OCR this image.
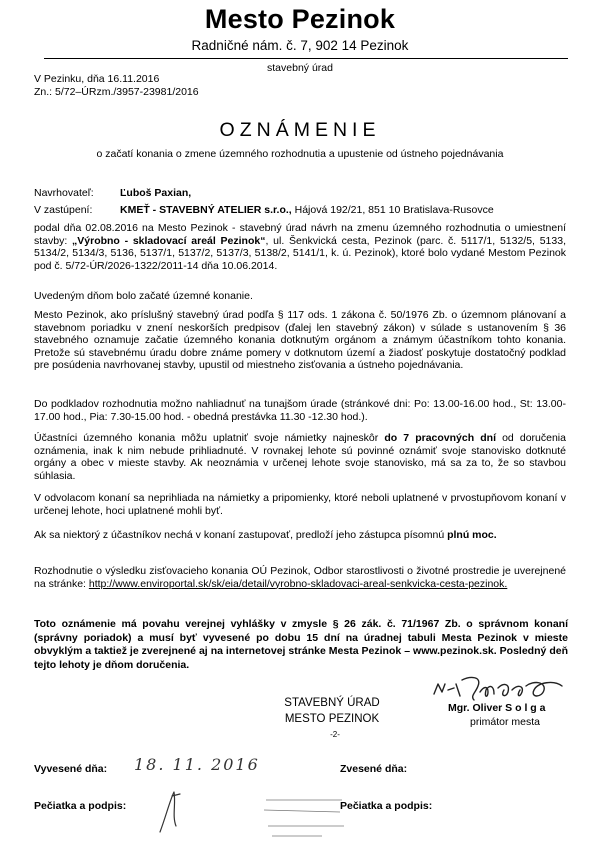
Mesto Pezinok
Radničné nám. č. 7, 902 14 Pezinok
stavebný úrad
V Pezinku, dňa 16.11.2016
Zn.: 5/72–ÚRzm./3957-23981/2016
OZNÁMENIE
o začatí konania o zmene územného rozhodnutia a upustenie od ústneho pojednávania
Navrhovateľ:	Ľuboš Paxian,
V zastúpení:	KMEŤ - STAVEBNÝ ATELIER s.r.o., Hájová 192/21, 851 10 Bratislava-Rusovce
podal dňa 02.08.2016 na Mesto Pezinok - stavebný úrad návrh na zmenu územného rozhodnutia o umiestnení stavby: „Výrobno - skladovací areál Pezinok“, ul. Šenkvická cesta, Pezinok (parc. č. 5117/1, 5132/5, 5133, 5134/2, 5134/3, 5136, 5137/1, 5137/2, 5137/3, 5138/2, 5141/1, k. ú. Pezinok), ktoré bolo vydané Mestom Pezinok pod č. 5/72-ÚR/2026-1322/2011-14 dňa 10.06.2014.
Uvedeným dňom bolo začaté územné konanie.
Mesto Pezinok, ako príslušný stavebný úrad podľa § 117 ods. 1 zákona č. 50/1976 Zb. o územnom plánovaní a stavebnom poriadku v znení neskorších predpisov (ďalej len stavebný zákon) v súlade s ustanovením § 36 stavebného oznamuje začatie územného konania dotknutým orgánom a známym účastníkom tohto konania. Pretože sú stavebnému úradu dobre známe pomery v dotknutom území a žiadosť poskytuje dostatočný podklad pre posúdenia navrhovanej stavby, upustil od miestneho zisťovania a ústneho pojednávania.
Do podkladov rozhodnutia možno nahliadnuť na tunajšom úrade (stránkové dni: Po: 13.00-16.00 hod., St: 13.00-17.00 hod., Pia: 7.30-15.00 hod. - obedná prestávka 11.30 -12.30 hod.).
Účastníci územného konania môžu uplatniť svoje námietky najneskôr do 7 pracovných dní od doručenia oznámenia, inak k nim nebude prihliadnuté. V rovnakej lehote sú povinné oznámiť svoje stanovisko dotknuté orgány a obec v mieste stavby. Ak neoznámia v určenej lehote svoje stanovisko, má sa za to, že so stavbou súhlasia.
V odvolacom konaní sa neprihliada na námietky a pripomienky, ktoré neboli uplatnené v prvostupňovom konaní v určenej lehote, hoci uplatnené mohli byť.
Ak sa niektorý z účastníkov nechá v konaní zastupovať, predloží jeho zástupca písomnú plnú moc.
Rozhodnutie o výsledku zisťovacieho konania OÚ Pezinok, Odbor starostlivosti o životné prostredie je uverejnené na stránke: http://www.enviroportal.sk/sk/eia/detail/vyrobno-skladovaci-areal-senkvicka-cesta-pezinok.
Toto oznámenie má povahu verejnej vyhlášky v zmysle § 26 zák. č. 71/1967 Zb. o správnom konaní (správny poriadok) a musí byť vyvesené po dobu 15 dní na úradnej tabuli Mesta Pezinok v mieste obvyklým a taktiež je zverejnené aj na internetovej stránke Mesta Pezinok – www.pezinok.sk. Posledný deň tejto lehoty je dňom doručenia.
STAVEBNÝ ÚRAD
MESTO PEZINOK
-2-
Mgr. Oliver S o l g a
primátor mesta
Vyvesené dňa: 18. 11. 2016	Zvesené dňa:
Pečiatka a podpis:	Pečiatka a podpis:
